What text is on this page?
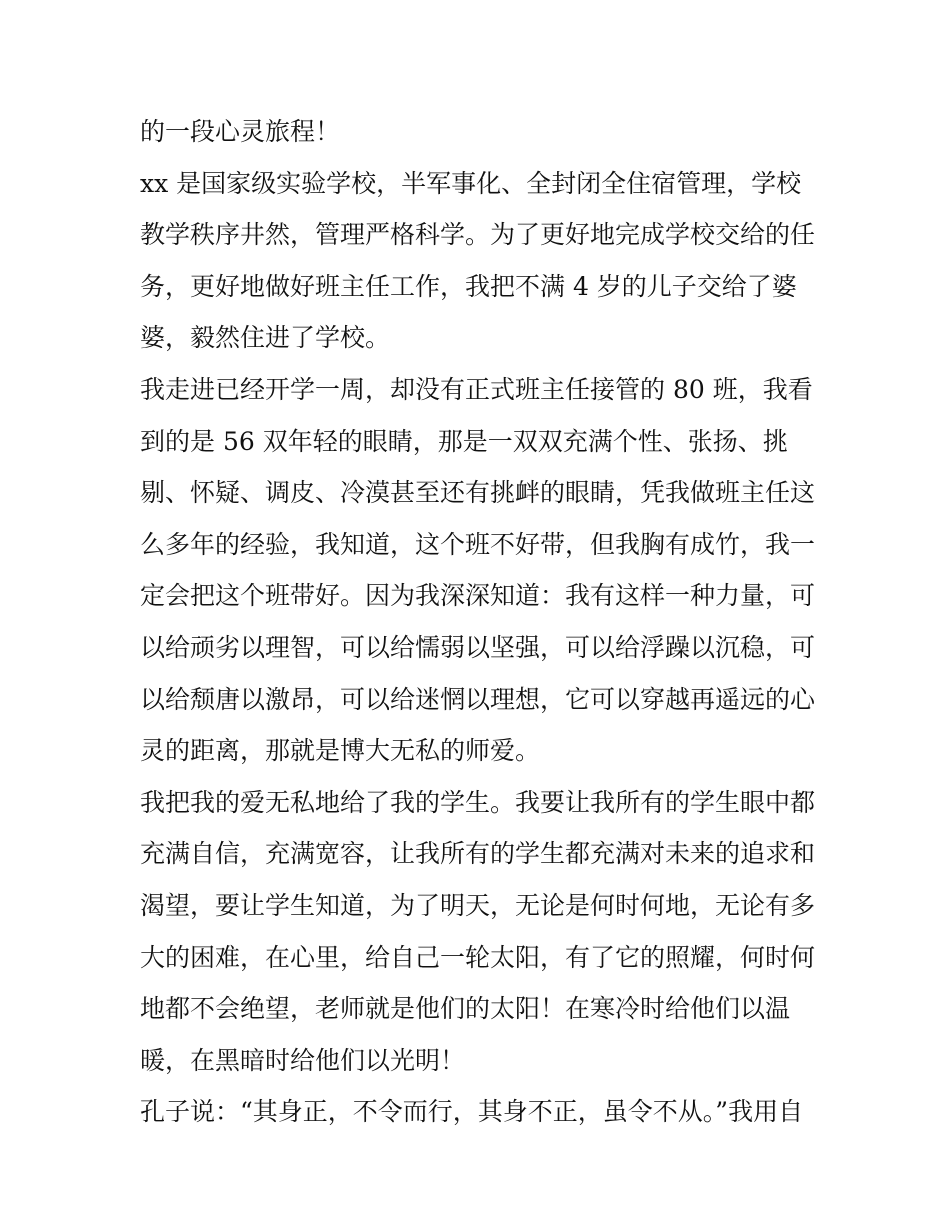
的一段心灵旅程！
xx 是国家级实验学校，半军事化、全封闭全住宿管理，学校
教学秩序井然，管理严格科学。为了更好地完成学校交给的任
务，更好地做好班主任工作，我把不满 4 岁的儿子交给了婆
婆，毅然住进了学校。
我走进已经开学一周，却没有正式班主任接管的 80 班，我看
到的是 56 双年轻的眼睛，那是一双双充满个性、张扬、挑
剔、怀疑、调皮、冷漠甚至还有挑衅的眼睛，凭我做班主任这
么多年的经验，我知道，这个班不好带，但我胸有成竹，我一
定会把这个班带好。因为我深深知道：我有这样一种力量，可
以给顽劣以理智，可以给懦弱以坚强，可以给浮躁以沉稳，可
以给颓唐以激昂，可以给迷惘以理想，它可以穿越再遥远的心
灵的距离，那就是博大无私的师爱。
我把我的爱无私地给了我的学生。我要让我所有的学生眼中都
充满自信，充满宽容，让我所有的学生都充满对未来的追求和
渴望，要让学生知道，为了明天，无论是何时何地，无论有多
大的困难，在心里，给自己一轮太阳，有了它的照耀，何时何
地都不会绝望，老师就是他们的太阳！在寒冷时给他们以温
暖，在黑暗时给他们以光明！
孔子说：“其身正，不令而行，其身不正，虽令不从。”我用自
